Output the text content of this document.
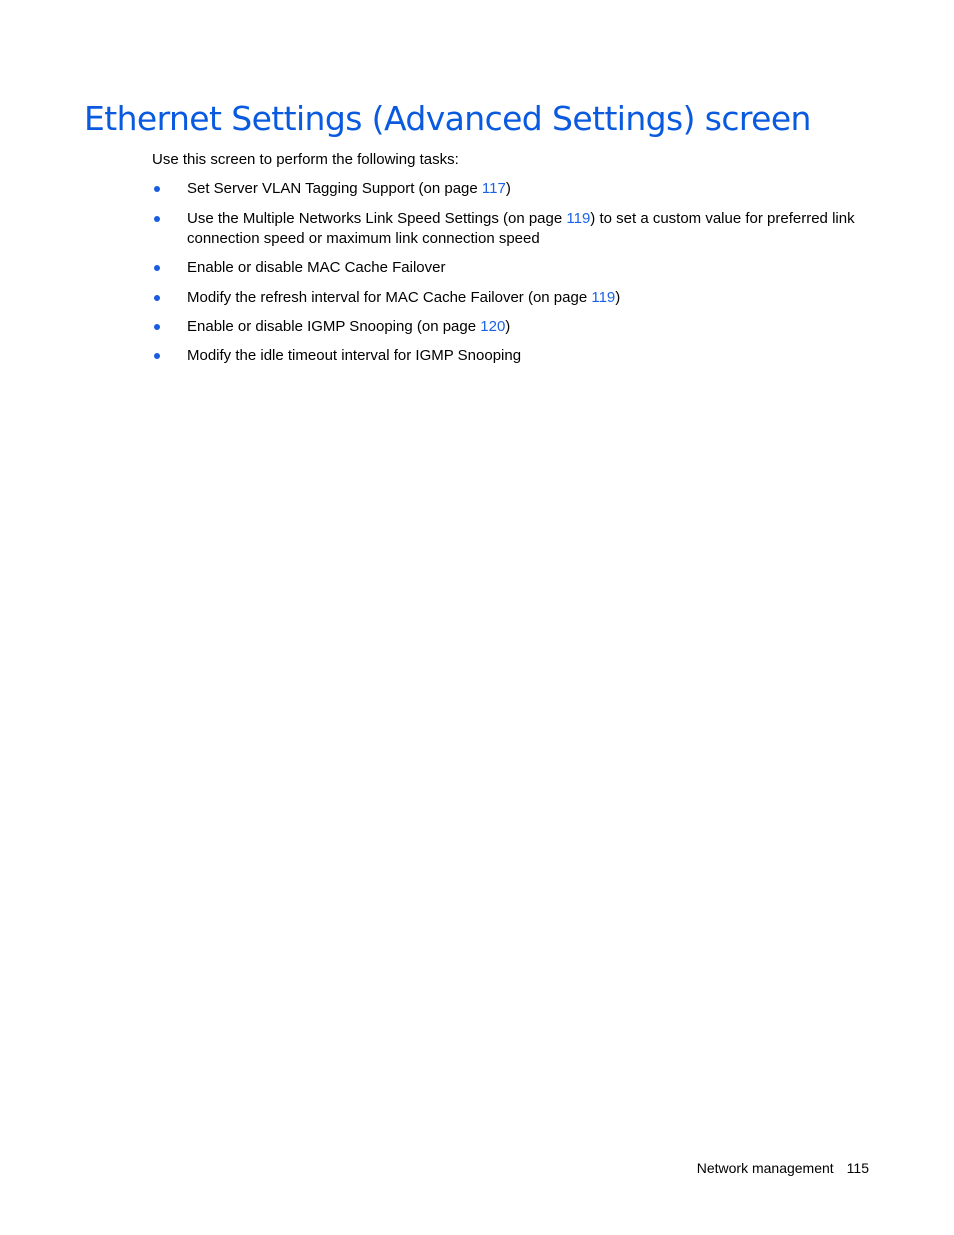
Ethernet Settings (Advanced Settings) screen

Use this screen to perform the following tasks:

Set Server VLAN Tagging Support (on page 117)
Use the Multiple Networks Link Speed Settings (on page 119) to set a custom value for preferred link connection speed or maximum link connection speed
Enable or disable MAC Cache Failover
Modify the refresh interval for MAC Cache Failover (on page 119)
Enable or disable IGMP Snooping (on page 120)
Modify the idle timeout interval for IGMP Snooping
Network management 115
